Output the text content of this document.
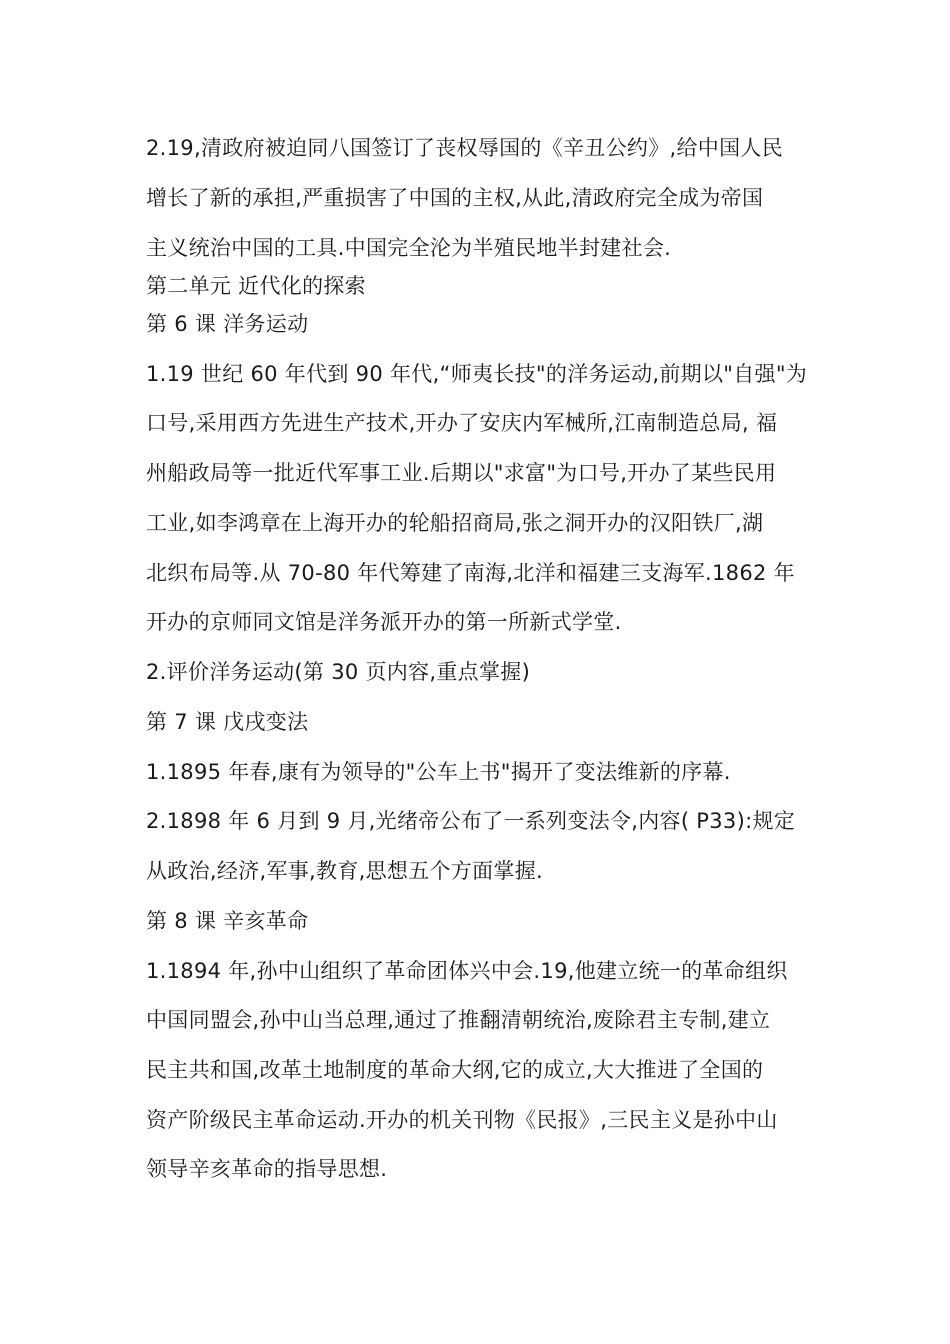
2.19,清政府被迫同八国签订了丧权辱国的《辛丑公约》,给中国人民
增长了新的承担,严重损害了中国的主权,从此,清政府完全成为帝国
主义统治中国的工具.中国完全沦为半殖民地半封建社会.
第二单元 近代化的探索
第 6 课 洋务运动
1.19 世纪 60 年代到 90 年代,“师夷长技"的洋务运动,前期以"自强"为
口号,采用西方先进生产技术,开办了安庆内军械所,江南制造总局, 福
州船政局等一批近代军事工业.后期以"求富"为口号,开办了某些民用
工业,如李鸿章在上海开办的轮船招商局,张之洞开办的汉阳铁厂,湖
北织布局等.从 70-80 年代筹建了南海,北洋和福建三支海军.1862 年
开办的京师同文馆是洋务派开办的第一所新式学堂.
2.评价洋务运动(第 30 页内容,重点掌握)
第 7 课 戊戌变法
1.1895 年春,康有为领导的"公车上书"揭开了变法维新的序幕.
2.1898 年 6 月到 9 月,光绪帝公布了一系列变法令,内容( P33):规定
从政治,经济,军事,教育,思想五个方面掌握.
第 8 课 辛亥革命
1.1894 年,孙中山组织了革命团体兴中会.19,他建立统一的革命组织
中国同盟会,孙中山当总理,通过了推翻清朝统治,废除君主专制,建立
民主共和国,改革土地制度的革命大纲,它的成立,大大推进了全国的
资产阶级民主革命运动.开办的机关刊物《民报》,三民主义是孙中山
领导辛亥革命的指导思想.
